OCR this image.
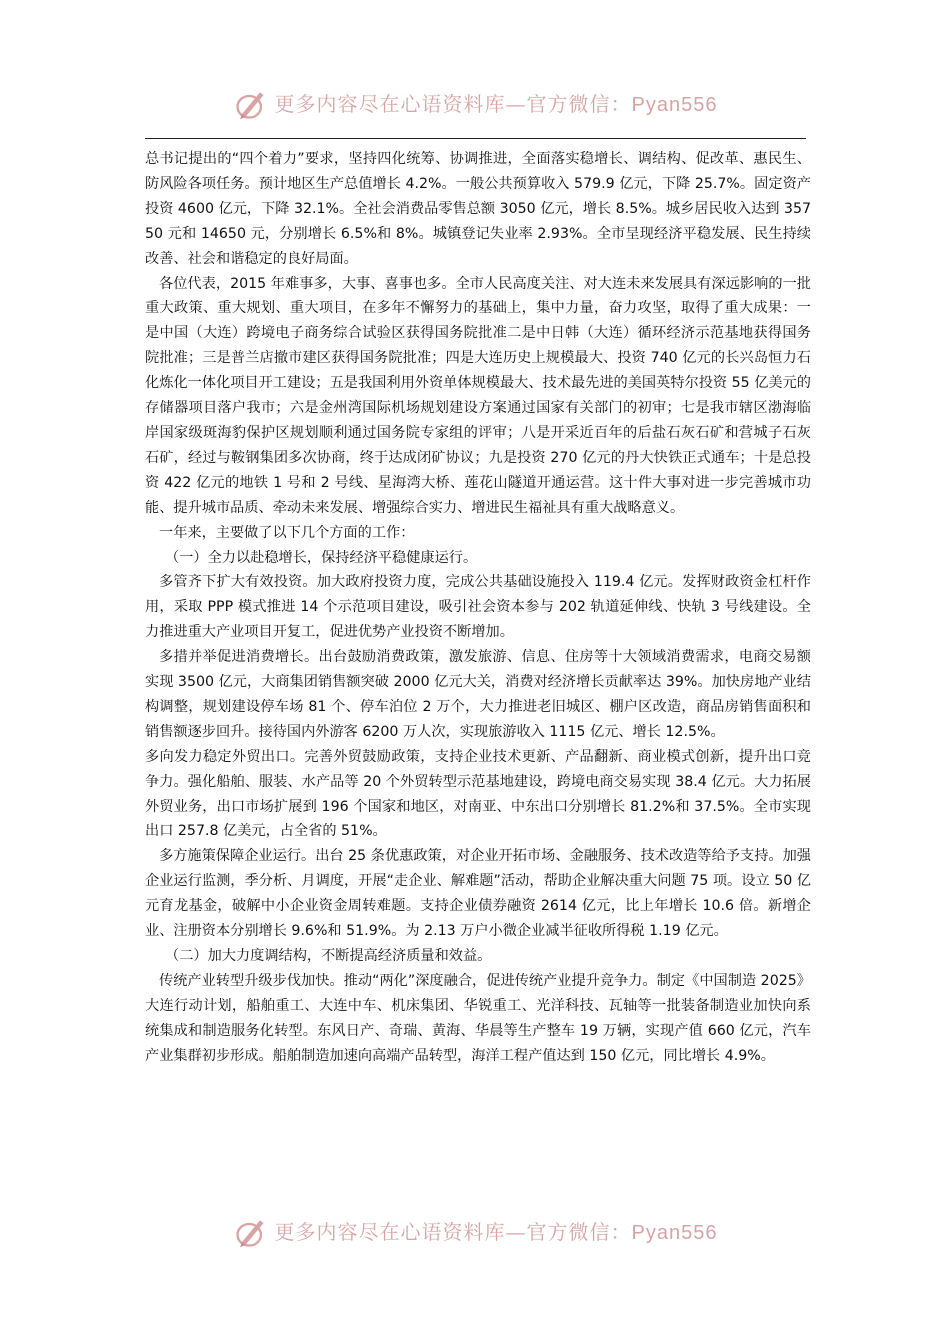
更多内容尽在心语资料库—官方微信：Pyan556

总书记提出的“四个着力”要求，坚持四化统筹、协调推进，全面落实稳增长、调结构、促改革、惠民生、防风险各项任务。预计地区生产总值增长 4.2%。一般公共预算收入 579.9 亿元，下降 25.7%。固定资产投资 4600 亿元，下降 32.1%。全社会消费品零售总额 3050 亿元，增长 8.5%。城乡居民收入达到 35750 元和 14650 元，分别增长 6.5%和 8%。城镇登记失业率 2.93%。全市呈现经济平稳发展、民生持续改善、社会和谐稳定的良好局面。

各位代表，2015 年难事多，大事、喜事也多。全市人民高度关注、对大连未来发展具有深远影响的一批重大政策、重大规划、重大项目，在多年不懈努力的基础上，集中力量，奋力攻坚，取得了重大成果：一是中国（大连）跨境电子商务综合试验区获得国务院批准二是中日韩（大连）循环经济示范基地获得国务院批准；三是普兰店撤市建区获得国务院批准；四是大连历史上规模最大、投资 740 亿元的长兴岛恒力石化炼化一体化项目开工建设；五是我国利用外资单体规模最大、技术最先进的美国英特尔投资 55 亿美元的存储器项目落户我市；六是金州湾国际机场规划建设方案通过国家有关部门的初审；七是我市辖区渤海临岸国家级斑海豹保护区规划顺利通过国务院专家组的评审；八是开采近百年的后盐石灰石矿和营城子石灰石矿，经过与鞍钢集团多次协商，终于达成闭矿协议；九是投资 270 亿元的丹大快铁正式通车；十是总投资 422 亿元的地铁 1 号和 2 号线、星海湾大桥、莲花山隧道开通运营。这十件大事对进一步完善城市功能、提升城市品质、牵动未来发展、增强综合实力、增进民生福祉具有重大战略意义。

一年来，主要做了以下几个方面的工作：

（一）全力以赴稳增长，保持经济平稳健康运行。

多管齐下扩大有效投资。加大政府投资力度，完成公共基础设施投入 119.4 亿元。发挥财政资金杠杆作用，采取 PPP 模式推进 14 个示范项目建设，吸引社会资本参与 202 轨道延伸线、快轨 3 号线建设。全力推进重大产业项目开复工，促进优势产业投资不断增加。

多措并举促进消费增长。出台鼓励消费政策，激发旅游、信息、住房等十大领域消费需求，电商交易额实现 3500 亿元，大商集团销售额突破 2000 亿元大关，消费对经济增长贡献率达 39%。加快房地产业结构调整，规划建设停车场 81 个、停车泊位 2 万个，大力推进老旧城区、棚户区改造，商品房销售面积和销售额逐步回升。接待国内外游客 6200 万人次，实现旅游收入 1115 亿元、增长 12.5%。

多向发力稳定外贸出口。完善外贸鼓励政策，支持企业技术更新、产品翻新、商业模式创新，提升出口竞争力。强化船舶、服装、水产品等 20 个外贸转型示范基地建设，跨境电商交易实现 38.4 亿元。大力拓展外贸业务，出口市场扩展到 196 个国家和地区，对南亚、中东出口分别增长 81.2%和 37.5%。全市实现出口 257.8 亿美元，占全省的 51%。

多方施策保障企业运行。出台 25 条优惠政策，对企业开拓市场、金融服务、技术改造等给予支持。加强企业运行监测，季分析、月调度，开展“走企业、解难题”活动，帮助企业解决重大问题 75 项。设立 50 亿元育龙基金，破解中小企业资金周转难题。支持企业债券融资 2614 亿元，比上年增长 10.6 倍。新增企业、注册资本分别增长 9.6%和 51.9%。为 2.13 万户小微企业减半征收所得税 1.19 亿元。

（二）加大力度调结构，不断提高经济质量和效益。

传统产业转型升级步伐加快。推动“两化”深度融合，促进传统产业提升竞争力。制定《中国制造 2025》大连行动计划，船舶重工、大连中车、机床集团、华锐重工、光洋科技、瓦轴等一批装备制造业加快向系统集成和制造服务化转型。东风日产、奇瑞、黄海、华晨等生产整车 19 万辆，实现产值 660 亿元，汽车产业集群初步形成。船舶制造加速向高端产品转型，海洋工程产值达到 150 亿元，同比增长 4.9%。

更多内容尽在心语资料库—官方微信：Pyan556
